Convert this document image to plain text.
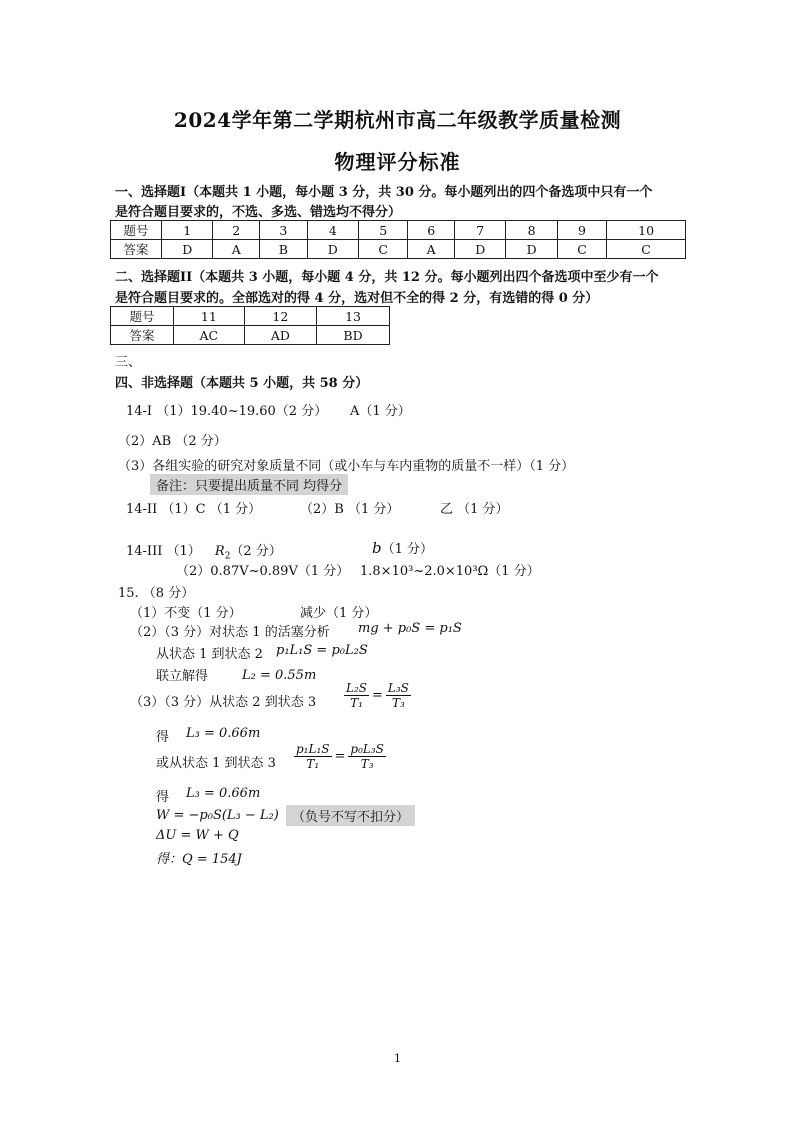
2024学年第二学期杭州市高二年级教学质量检测
物理评分标准
一、选择题I（本题共 1 小题，每小题 3 分，共 30 分。每小题列出的四个备选项中只有一个
是符合题目要求的，不选、多选、错选均不得分）
题号	1	2	3	4	5	6	7	8	9	10
答案	D	A	B	D	C	A	D	D	C	C
二、选择题II（本题共 3 小题，每小题 4 分，共 12 分。每小题列出四个备选项中至少有一个
是符合题目要求的。全部选对的得 4 分，选对但不全的得 2 分，有选错的得 0 分）
题号	11	12	13
答案	AC	AD	BD
三、
四、非选择题（本题共 5 小题，共 58 分）
14-I （1）19.40~19.60（2 分） A（1 分）
（2）AB （2 分）
（3）各组实验的研究对象质量不同（或小车与车内重物的质量不一样）（1 分）
备注：只要提出质量不同 均得分
14-II （1）C （1 分）	（2）B （1 分）	乙 （1 分）
14-III （1） $R_2(2$ 分）	b（1 分）
（2）0.87V~0.89V（1 分） 1.8×10³~2.0×10³Ω（1 分）
15. （8 分）
（1）不变（1 分）	减少（1 分）
（2）（3 分）对状态 1 的活塞分析 mg + p₀S = p₁S
从状态 1 到状态 2 p₁L₁S = p₀L₂S
联立解得	L₂ = 0.55m
（3）（3 分）从状态 2 到状态 $3 \frac{\text{L₂S}}{\text{T₁}} = \frac{\text{L₃S}}{\text{T₃}}$
得 L₃ = 0.66m
或从状态 1 到状态 $3 \frac{\text{p₁L₁S}}{\text{T₁}} = \frac{\text{p₀L₃S}}{\text{T₃}}$
得 L₃ = 0.66m
W = −p₀S(L₃ − L₂)	（负号不写不扣分）
ΔU = W + Q
得：Q = 154J
1
